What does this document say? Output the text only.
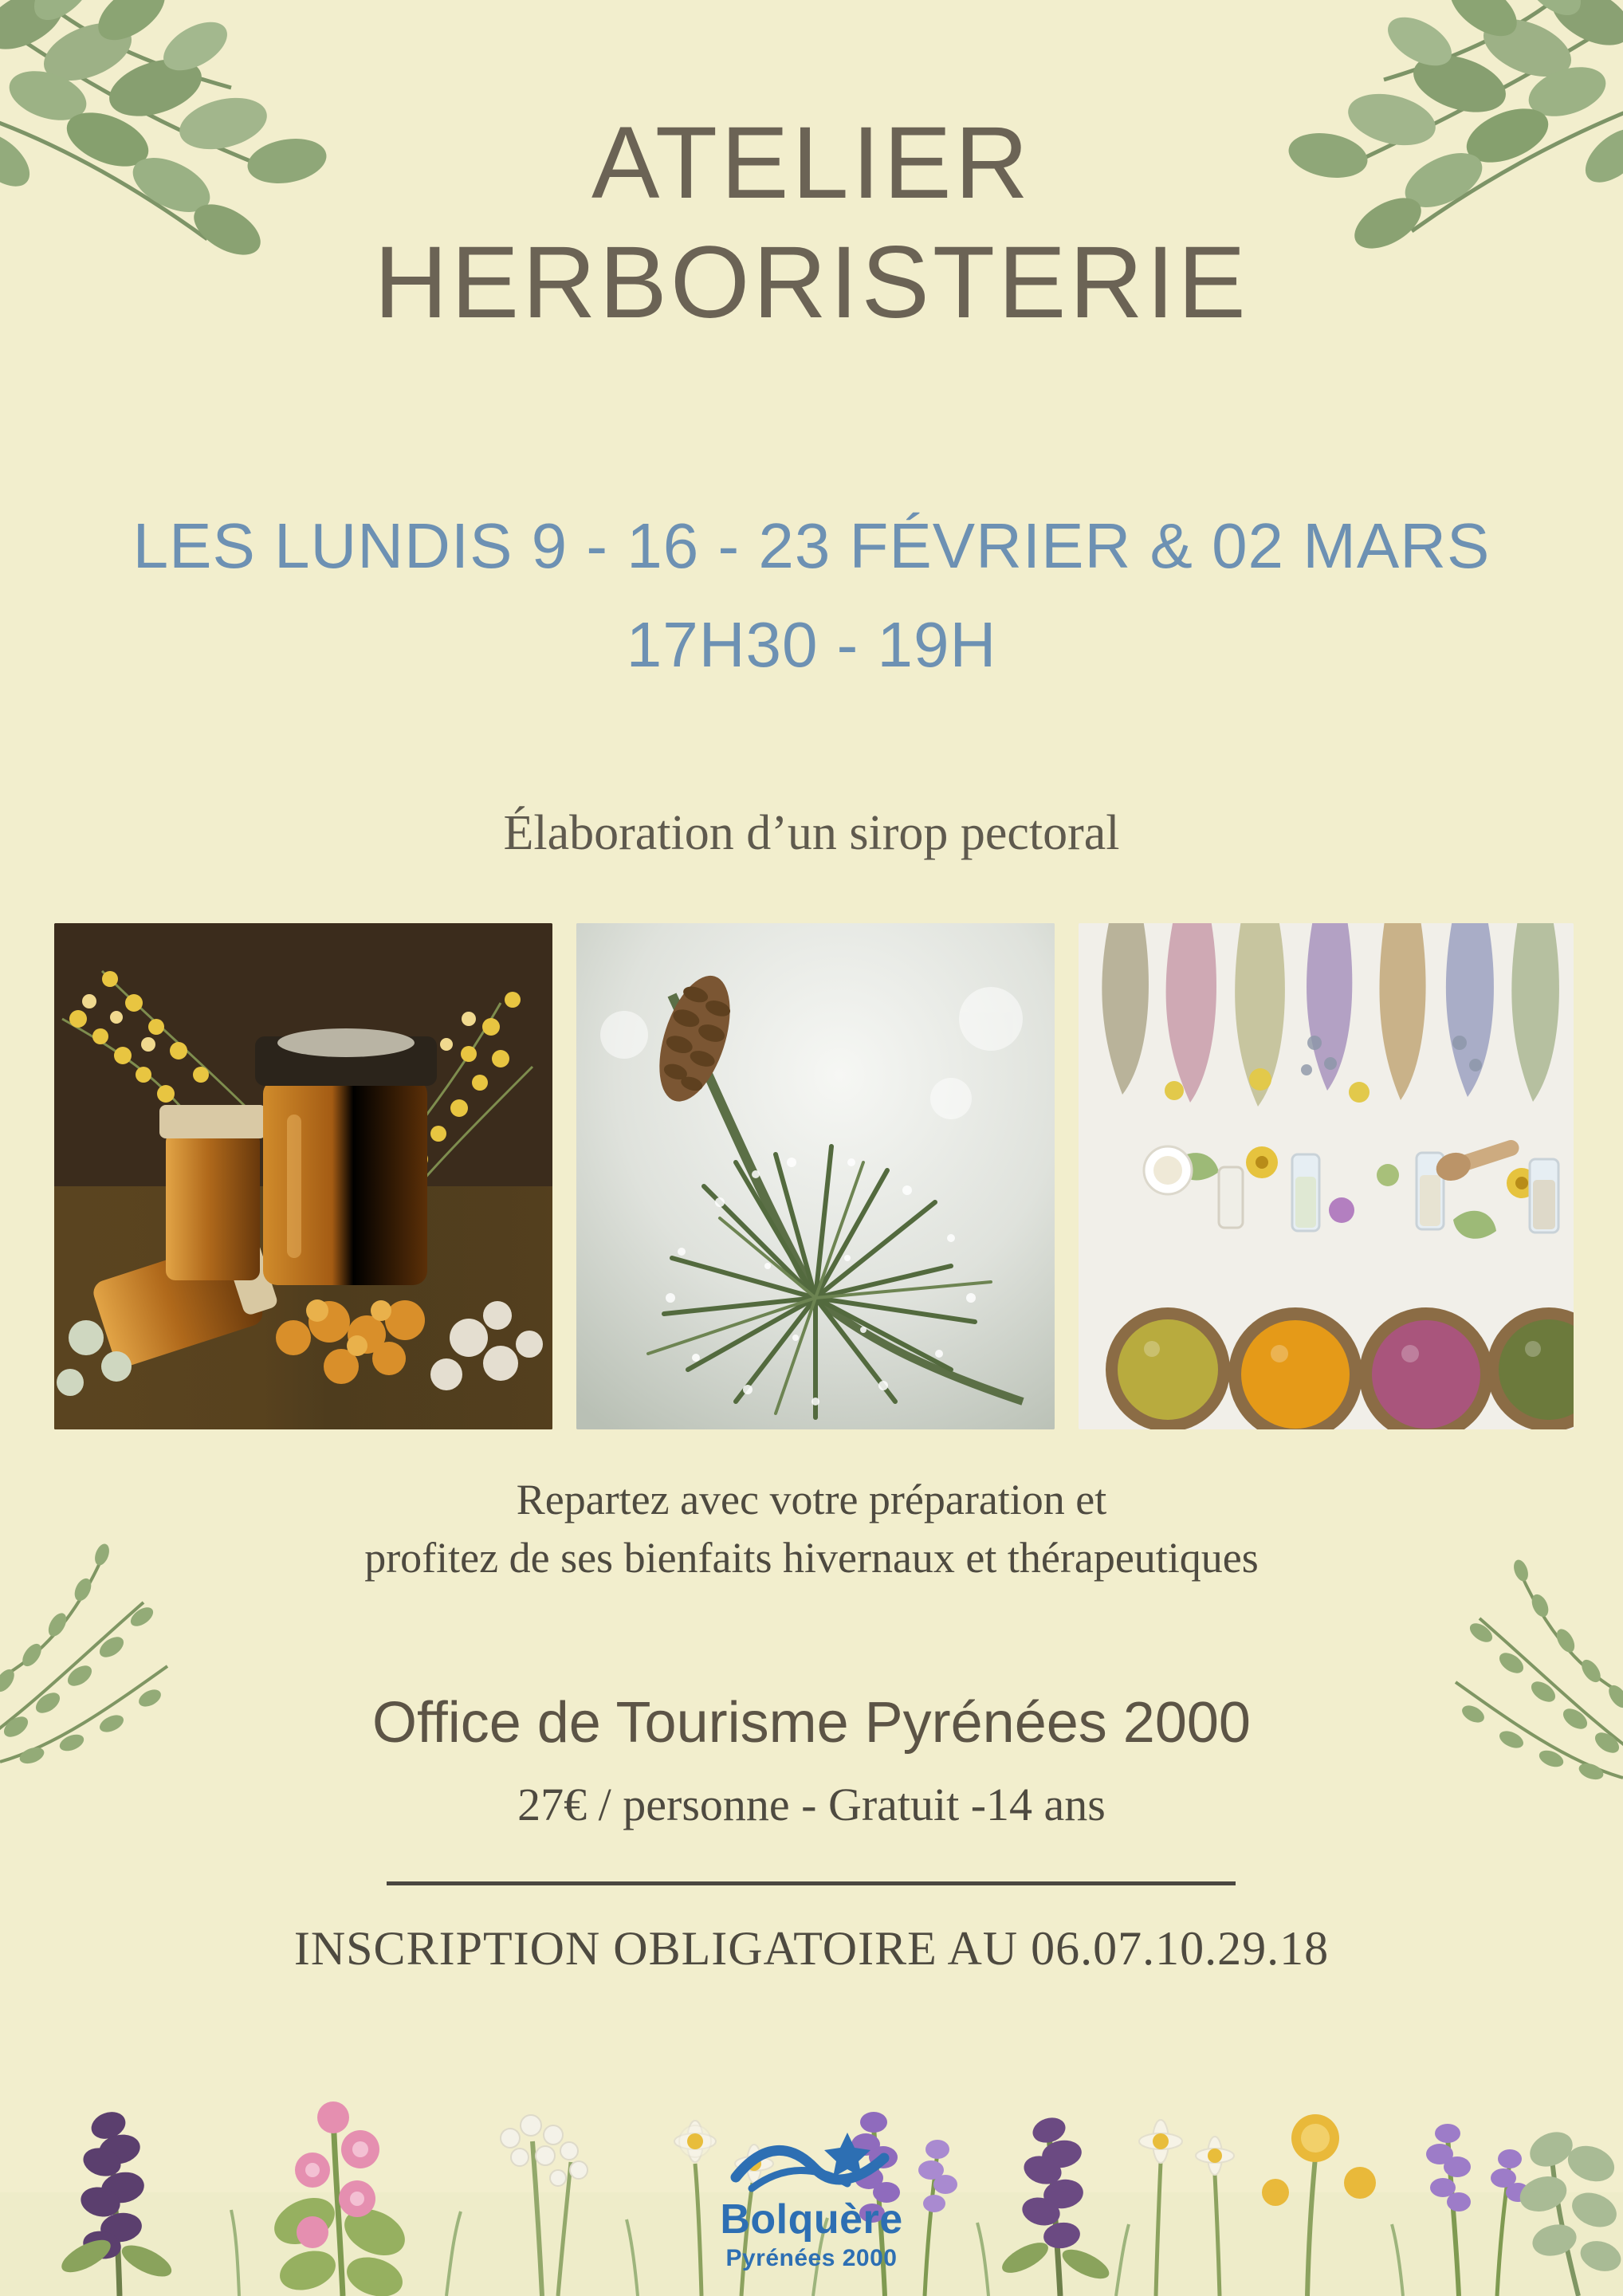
ATELIER
HERBORISTERIE
LES LUNDIS 9 - 16 - 23 FÉVRIER & 02 MARS
17H30 - 19H
Élaboration d’un sirop pectoral
Repartez avec votre préparation et
profitez de ses bienfaits hivernaux et thérapeutiques
Office de Tourisme Pyrénées 2000
27€ / personne - Gratuit -14 ans
INSCRIPTION OBLIGATOIRE AU 06.07.10.29.18
Bolquère
Pyrénées 2000
